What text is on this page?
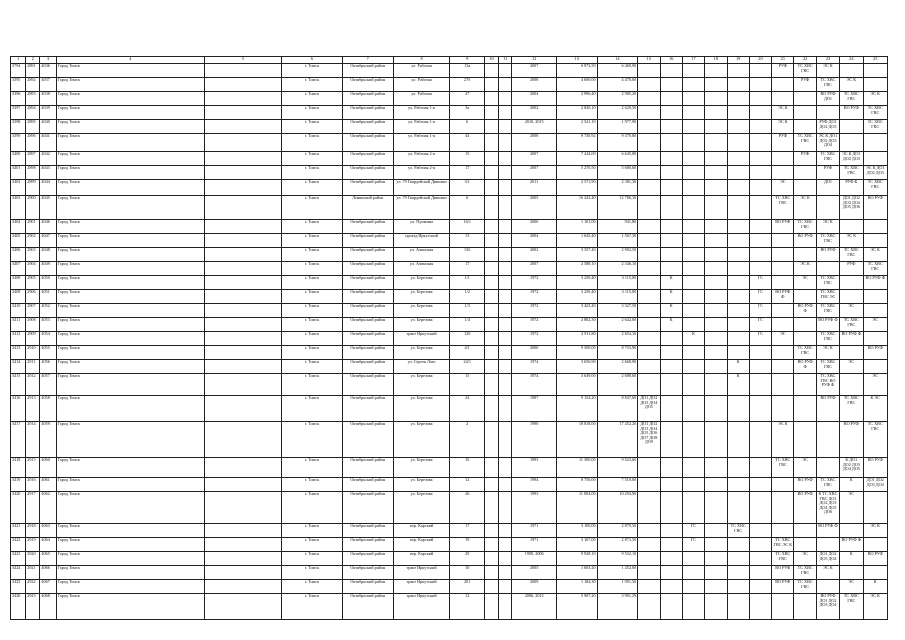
1	2	3	4	5	6	7	8	9	10	11	12	13	14	15	16	17	18	19	20	21	22	23	24	25
3794	2891	4036	Город Томск		г. Томск	Октябрьский район	ул. Рабочая	13а			2007	6 973,50	6 469,90							РУФ	ТС ХВС ГВС	ЭС К		
3395	2892	4037	Город Томск		г. Томск	Октябрьский район	ул. Рабочая	27б			2008	4 600,00	4 470,00								РУФ	ТС ХВС ГВС	ЭС К	
3396	2893	4038	Город Томск		г. Томск	Октябрьский район	ул. Рабочая	47			2004	2 996,40	2 985,20									ВО РУФ ДО1	ТС ХВС ГВС	ЭС К
3397	2894	4039	Город Томск		г. Томск	Октябрьский район	ул. Рабочая 1-я	3а			2002	2 820,10	2 620,50							ЭС К			ВО РУФ	ТС ХВС ГВС
3398	2895	4040	Город Томск		г. Томск	Октябрьский район	ул. Рабочая 1-я	6			2010, 2015	2 541,10	1 977,90							ЭС К		РУФ ДО1 ДО2 ДО3		ТС ХВС ГВС
3399	2896	4041	Город Томск		г. Томск	Октябрьский район	ул. Рабочая 1-я	44			2008	9 730,92	9 370,80							РУФ	ТС ХВС ГВС	ЭС К ДО1 ДО2 ДО3 ДО4		
3400	2897	4042	Город Томск		г. Томск	Октябрьский район	ул. Рабочая 2-я	15			2007	7 244,00	6 645,80								РУФ	ТС ХВС ГВС	ЭС К ДО1 ДО2 ДО3	
3401	2898	4043	Город Томск		г. Томск	Октябрьский район	ул. Рабочая 2-я	17			2007	5 270,50	5 680,60									РУФ	ТС ХВС ГВС	ЭС К ДО1 ДО2 ДО3
3402	2899	4044	Город Томск		г. Томск	Октябрьский район	ул. 79 Гвардейской Дивизии	3/1			2011	2 571,90	2 381,30							ЭС		ДО1	РУФ К	ТС ХВС ГВС
3403	2900	4045	Город Томск		г. Томск	Ленинский район	ул. 79 Гвардейской Дивизии	6			2005	16 243,40	12 786,10							ТС ХВС ГВС	ЭС К		ДО1 ДО2 ДО3 ДО4 ДО5 ДО6	ВО РУФ
3404	2901	4046	Город Томск		г. Томск	Октябрьский район	ул. Пушкина	16/1			2000	1 101,00	941,80							ВО РУФ	ТС ХВС ГВС	ЭС К		
3405	2902	4047	Город Томск		г. Томск	Октябрьский район	проезд Иркутский	13			2004	1 645,40	1 567,30								ВО РУФ	ТС ХВС ГВС	ЭС К	
3406	2903	4048	Город Томск		г. Томск	Октябрьский район	ул. Ачинская	13б			2002	3 357,40	2 992,50									ВО РУФ	ТС ХВС ГВС	ЭС К
3407	2904	4049	Город Томск		г. Томск	Октябрьский район	ул. Ачинская	17			2007	2 588,10	2 346,10								ЭС К		РУФ	ТС ХВС ГВС
3408	2905	4050	Город Томск		г. Томск	Октябрьский район	ул. Березова	1/1			1972	3 250,40	3 115,00		К				ГС		ЭС	ТС ХВС ГВС		ВО РУФ Ф
3409	2906	4051	Город Томск		г. Томск	Октябрьский район	ул. Березова	1/2			1972	3 250,40	3 115,00		К				ГС	ВО РУФ Ф		ТС ХВС ГВС ЭС		
3410	2907	4052	Город Томск		г. Томск	Октябрьский район	ул. Березова	1/3			1972	3 423,40	3 327,50		К				ГС		ВО РУФ Ф	ТС ХВС ГВС	ЭС	
3411	2908	4053	Город Томск		г. Томск	Октябрьский район	ул. Березова	1/4			1972	2 802,30	2 642,00		К				ГС			ВО РУФ Ф	ТС ХВС ГВС	ЭС
3412	2909	4054	Город Томск		г. Томск	Октябрьский район	тракт Иркутский	120			1972	2 911,80	2 654,10			К			ГС	ЭС		ТС ХВС ГВС	ВО РУФ Ф	
3413	2910	4055	Город Томск		г. Томск	Октябрьский район	ул. Березова	4/1			2000	9 500,00	8 753,90								ТС ХВС ГВС	ЭС К		ВО РУФ
3414	2911	4056	Город Томск		г. Томск	Октябрьский район	ул. Сергея Лазо	24/1			1974	3 656,90	2 668,90					К			ВО РУФ Ф	ТС ХВС ГВС	ЭС	
3415	2912	4057	Город Томск		г. Томск	Октябрьский район	ул. Березова	15			1974	3 649,00	2 688,60					К				ТС ХВС ГВС ВО РУФ Ф		ЭС
3416	2913	4058	Город Томск		г. Томск	Октябрьский район	ул. Березова	24			1987	9 154,20	8 847,60	ДО1 ДО2 ДО3 ДО4 ДО5								ВО РУФ	ТС ХВС ГВС	К ЭС
3417	2914	4059	Город Томск		г. Томск	Октябрьский район	ул. Березова	2			1990	18 818,00	17 452,20	ДО1 ДО2 ДО3 ДО4 ДО5 ДО6 ДО7 ДО8 ДО9						ЭС К			ВО РУФ	ТС ХВС ГВС
3418	2915	4060	Город Томск		г. Томск	Октябрьский район	ул. Березова	10			1993	11 300,00	9 523,60							ТС ХВС ГВС	ЭС		К ДО1 ДО2 ДО3 ДО4 ДО5	ВО РУФ
3419	2916	4061	Город Томск		г. Томск	Октябрьский район	ул. Березова	12			1994	8 750,00	7 510,00								ВО РУФ	ТС ХВС ГВС	К	ДО1 ДО2 ДО3 ДО4
3420	2917	4062	Город Томск		г. Томск	Октябрьский район	ул. Березова	26			1993	11 004,00	10 294,90								ВО РУФ	К ТС ХВС ГВС ДО1 ДО2 ДО3 ДО4 ДО5 ДО6	ЭС	
3421	2918	4063	Город Томск		г. Томск	Октябрьский район	пер. Карский	17			1971	3 100,00	2 879,50			ГС		ТС ХВС ГВС				ВО РУФ Ф		ЭС К
3422	2919	4064	Город Томск		г. Томск	Октябрьский район	пер. Карский	19			1971	3 167,00	2 873,50			ГС				ТС ХВС ГВС ЭС К			ВО РУФ Ф	
3423	2920	4065	Город Томск		г. Томск	Октябрьский район	пер. Карский	29			1990, 2006	9 928,10	9 532,10							ТС ХВС ГВС	ЭС	ДО1 ДО2 ДО3 ДО4	К	ВО РУФ
3424	2921	4066	Город Томск		г. Томск	Октябрьский район	тракт Иркутский	10			2005	1 603,20	1 452,00							ВО РУФ	ТС ХВС ГВС	ЭС К		
3425	2922	4067	Город Томск		г. Томск	Октябрьский район	тракт Иркутский	201			2009	1 184,30	1 091,50							ВО РУФ	ТС ХВС ГВС		ЭС	К
3426	2923	4068	Город Томск		г. Томск	Октябрьский район	тракт Иркутский	12			2006, 2012	5 907,20	3 901,29									ВО РУФ ДО1 ДО2 ДО3 ДО4	ТС ХВС ГВС	ЭС К
